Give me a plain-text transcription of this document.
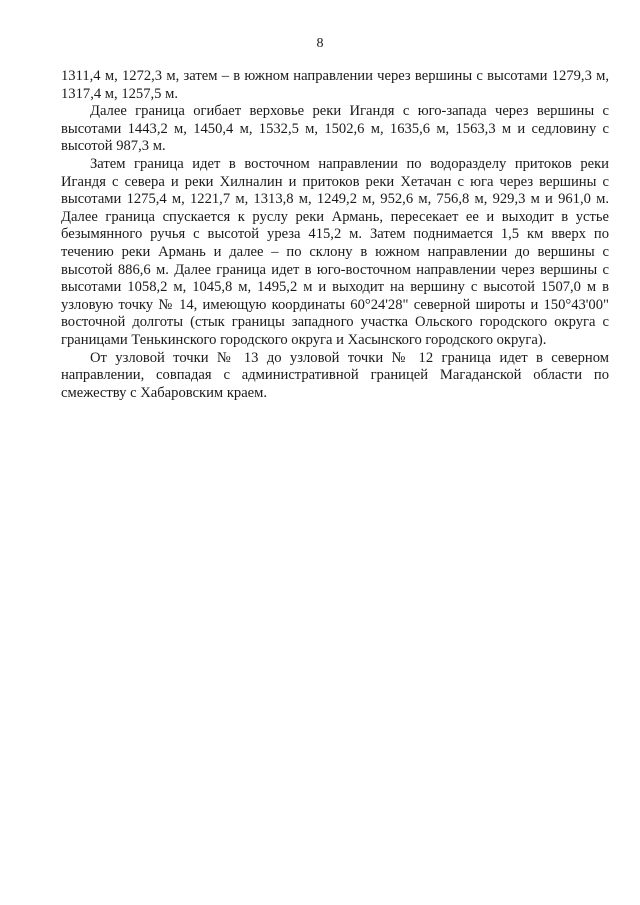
8

1311,4 м, 1272,3 м, затем – в южном направлении через вершины с высотами 1279,3 м, 1317,4 м, 1257,5 м.

Далее граница огибает верховье реки Игандя с юго-запада через вершины с высотами 1443,2 м, 1450,4 м, 1532,5 м, 1502,6 м, 1635,6 м, 1563,3 м и седловину с высотой 987,3 м.

Затем граница идет в восточном направлении по водоразделу притоков реки Игандя с севера и реки Хилналин и притоков реки Хетачан с юга через вершины с высотами 1275,4 м, 1221,7 м, 1313,8 м, 1249,2 м, 952,6 м, 756,8 м, 929,3 м и 961,0 м. Далее граница спускается к руслу реки Армань, пересекает ее и выходит в устье безымянного ручья с высотой уреза 415,2 м. Затем поднимается 1,5 км вверх по течению реки Армань и далее – по склону в южном направлении до вершины с высотой 886,6 м. Далее граница идет в юго-восточном направлении через вершины с высотами 1058,2 м, 1045,8 м, 1495,2 м и выходит на вершину с высотой 1507,0 м в узловую точку № 14, имеющую координаты 60°24'28" северной широты и 150°43'00" восточной долготы (стык границы западного участка Ольского городского округа с границами Тенькинского городского округа и Хасынского городского округа).

От узловой точки № 13 до узловой точки № 12 граница идет в северном направлении, совпадая с административной границей Магаданской области по смежеству с Хабаровским краем.
